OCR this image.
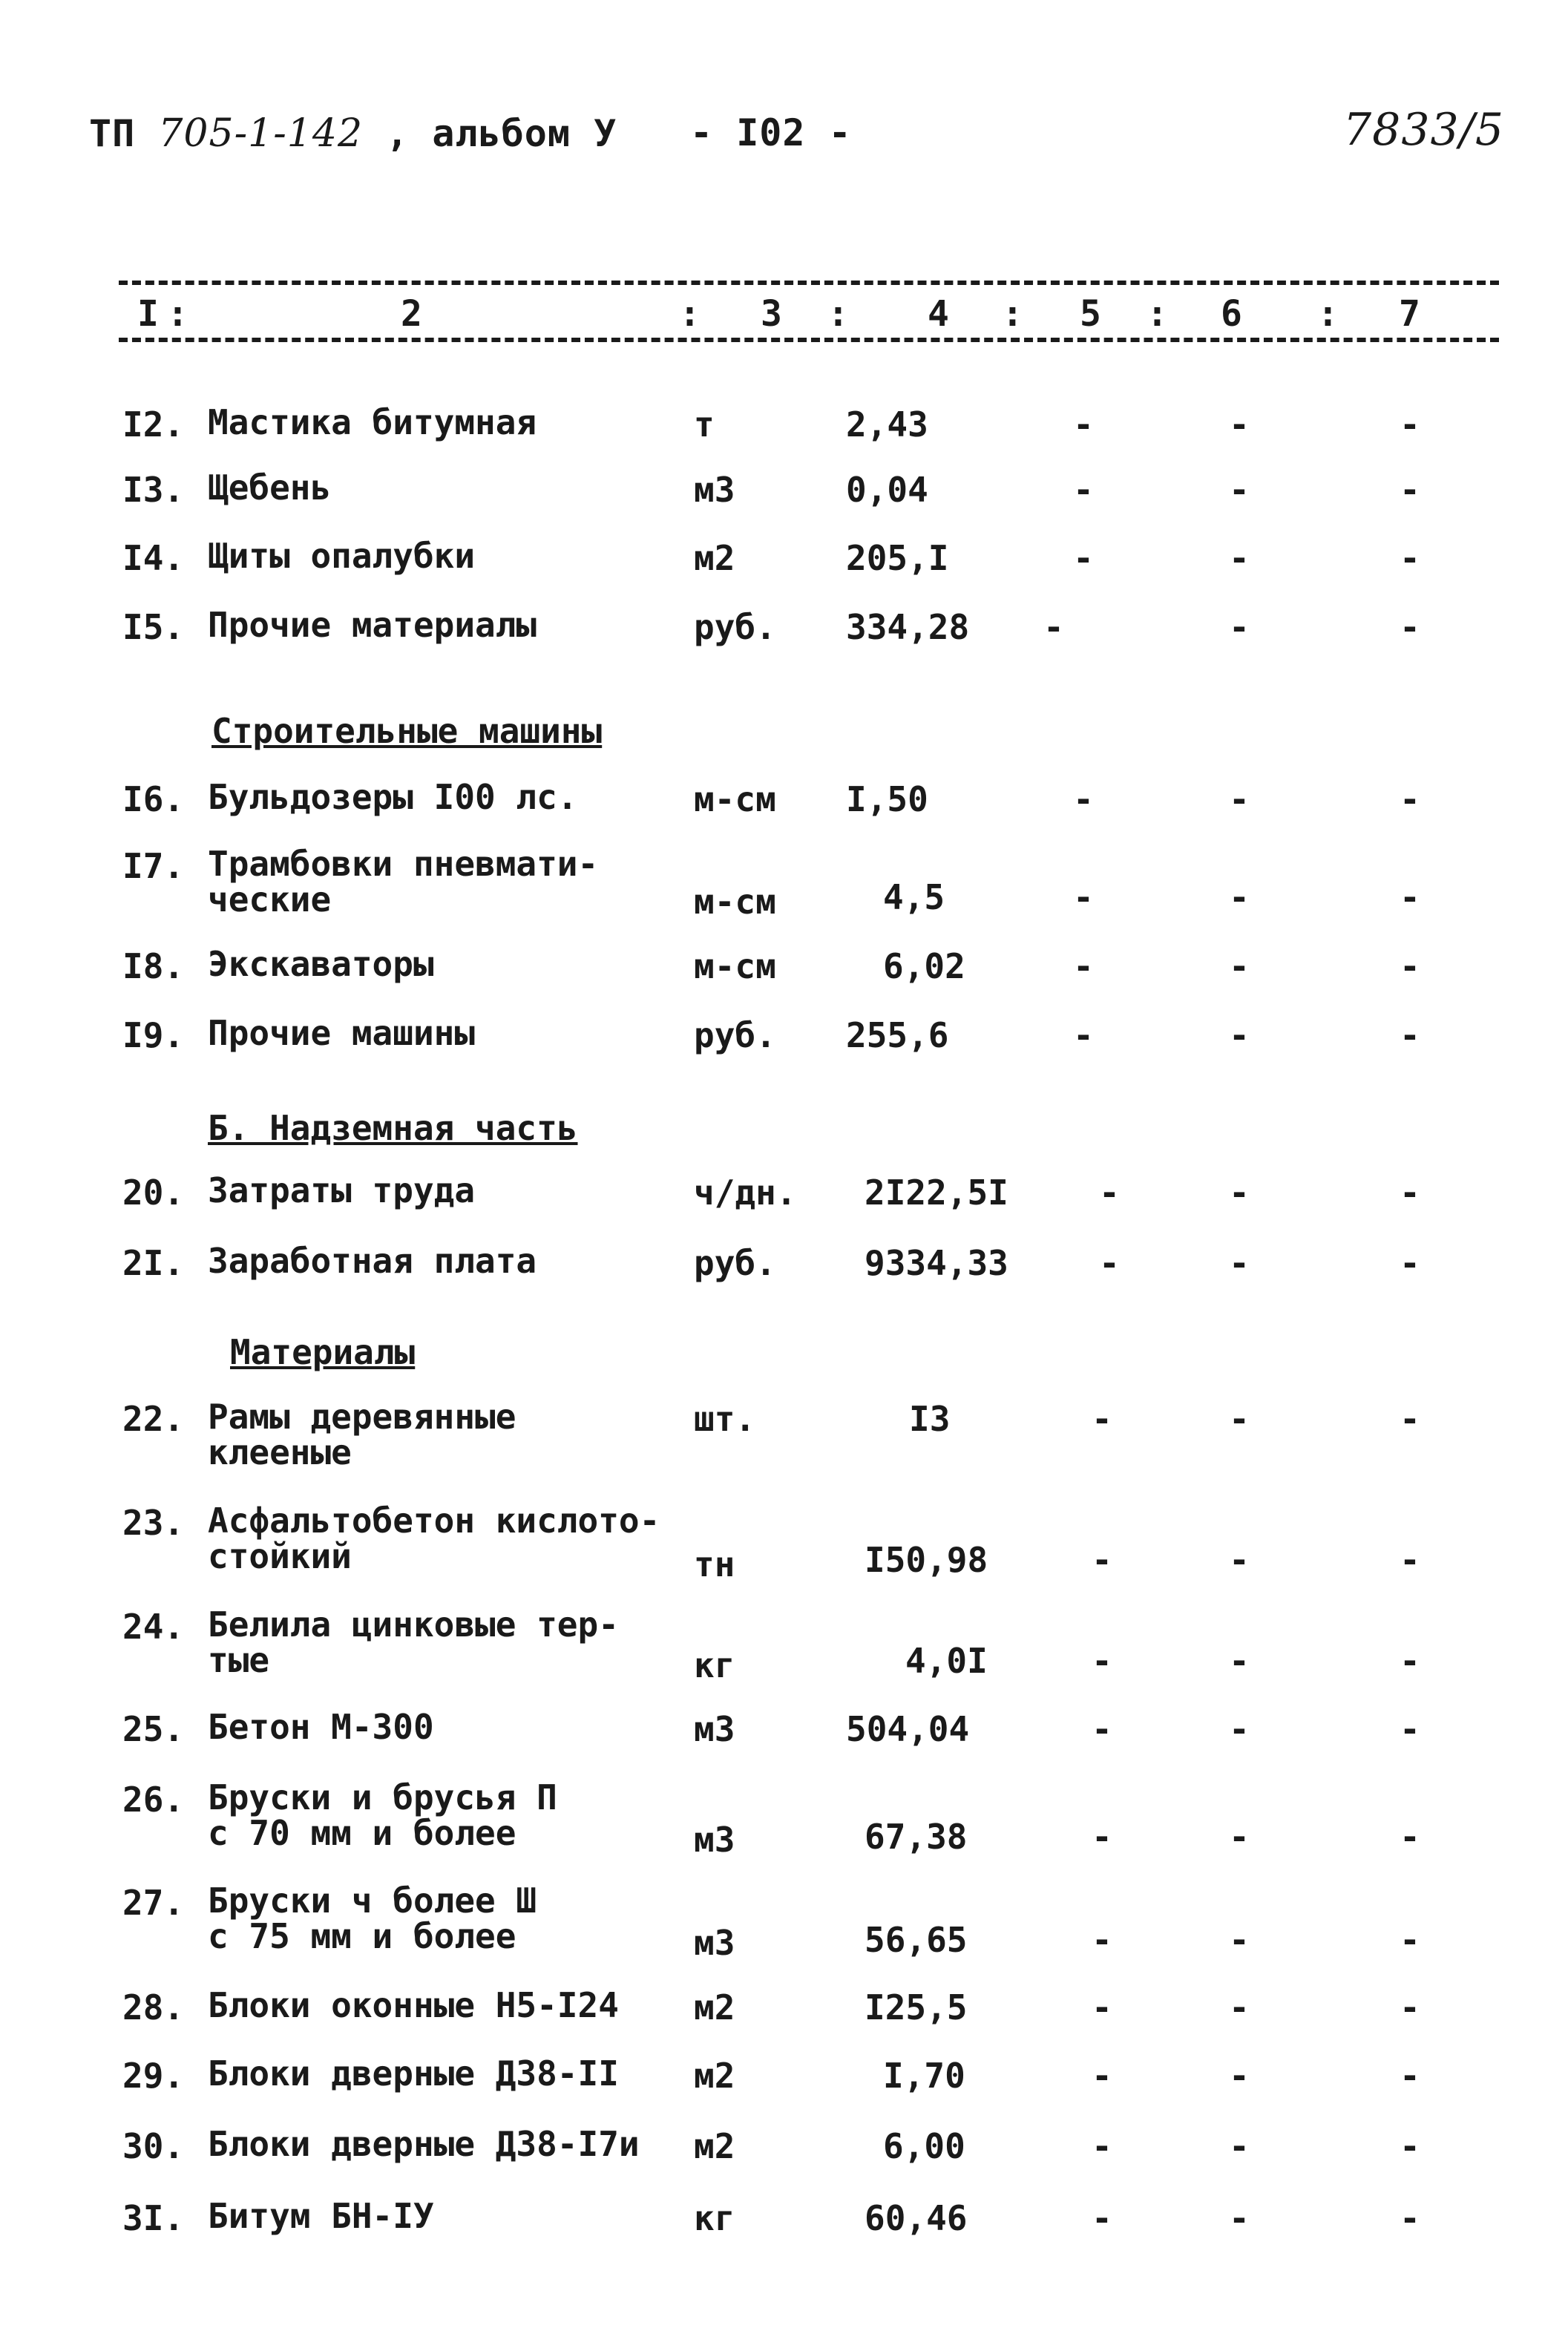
ТП 705-1-142 , альбом У - I02 -	7833/5
I :	2	: 3 : 4 : 5 : 6 : 7
I2. Мастика битумная	т	2,43	-	-	-
I3. Щебень	м3	0,04	-	-	-
I4. Щиты опалубки	м2	205,I	-	-	-
I5. Прочие материалы	руб.	334,28	-	-	-
Строительные машины
I6. Бульдозеры I00 лс.	м-см	I,50	-	-	-
I7. Трамбовки пневмати-
ческие	м-см	4,5	-	-	-
I8. Экскаваторы	м-см	6,02	-	-	-
I9. Прочие машины	руб.	255,6	-	-	-
Б. Надземная часть
20. Затраты труда	ч/дн.	2I22,5I	-	-	-
2I. Заработная плата	руб.	9334,33	-	-	-
Материалы
22. Рамы деревянные
клееные
шт.	I3	-	-	-
23. Асфальтобетон кислото-
стойкий	тн	I50,98	-	-	-
24. Белила цинковые тер-
тые	кг	4,0I	-	-	-
25. Бетон М-300	м3	504,04	-	-	-
26. Бруски и брусья П
с 70 мм и более	м3	67,38	-	-	-
27. Бруски ч более Ш
с 75 мм и более	м3	56,65	-	-	-
28. Блоки оконные Н5-I24	м2	I25,5	-	-	-
29. Блоки дверные Д38-II	м2	I,70	-	-	-
30. Блоки дверные Д38-I7и	м2	6,00	-	-	-
3I. Битум БН-IУ	кг	60,46	-	-	-
